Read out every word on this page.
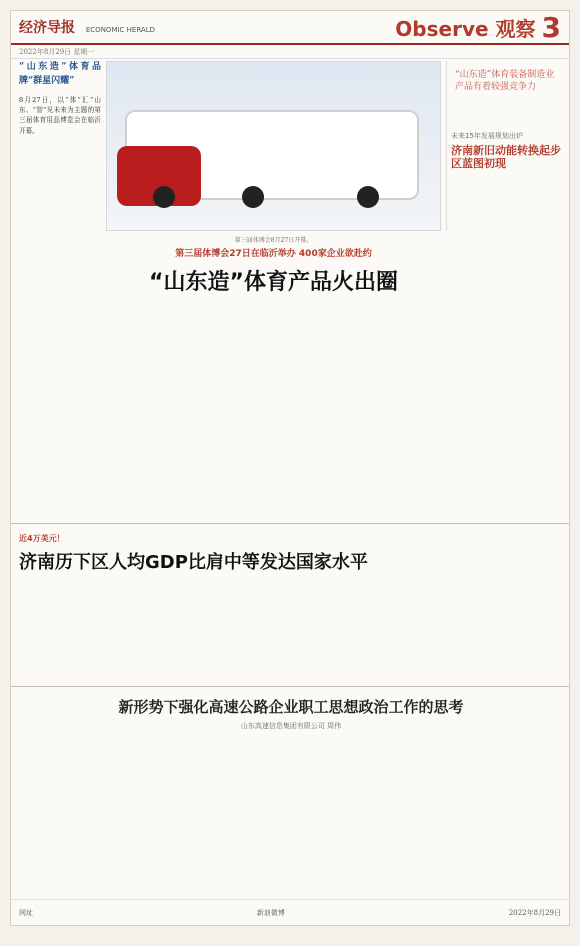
经济导报 ECONOMIC HERALD	Observe 观察 3
2022年8月29日 星期一
“山东造”体育品牌“群星闪耀”
8月27日，以“体”汇“山东、“智”见未来为主题的第三届体育用品博览会在临沂开幕。
第三届体博会8月27日开幕。
“山东造”体育装备制造业产品有着较强竞争力
第三届体博会27日在临沂举办 400家企业欲赴约
“山东造”体育产品火出圈
未来15年发展规划出炉
济南新旧动能转换起步区蓝图初现
近4万美元！
济南历下区人均GDP比肩中等发达国家水平
新形势下强化高速公路企业职工思想政治工作的思考
山东高速信息集团有限公司 周伟
网址	新浪微博	2022年8月29日
